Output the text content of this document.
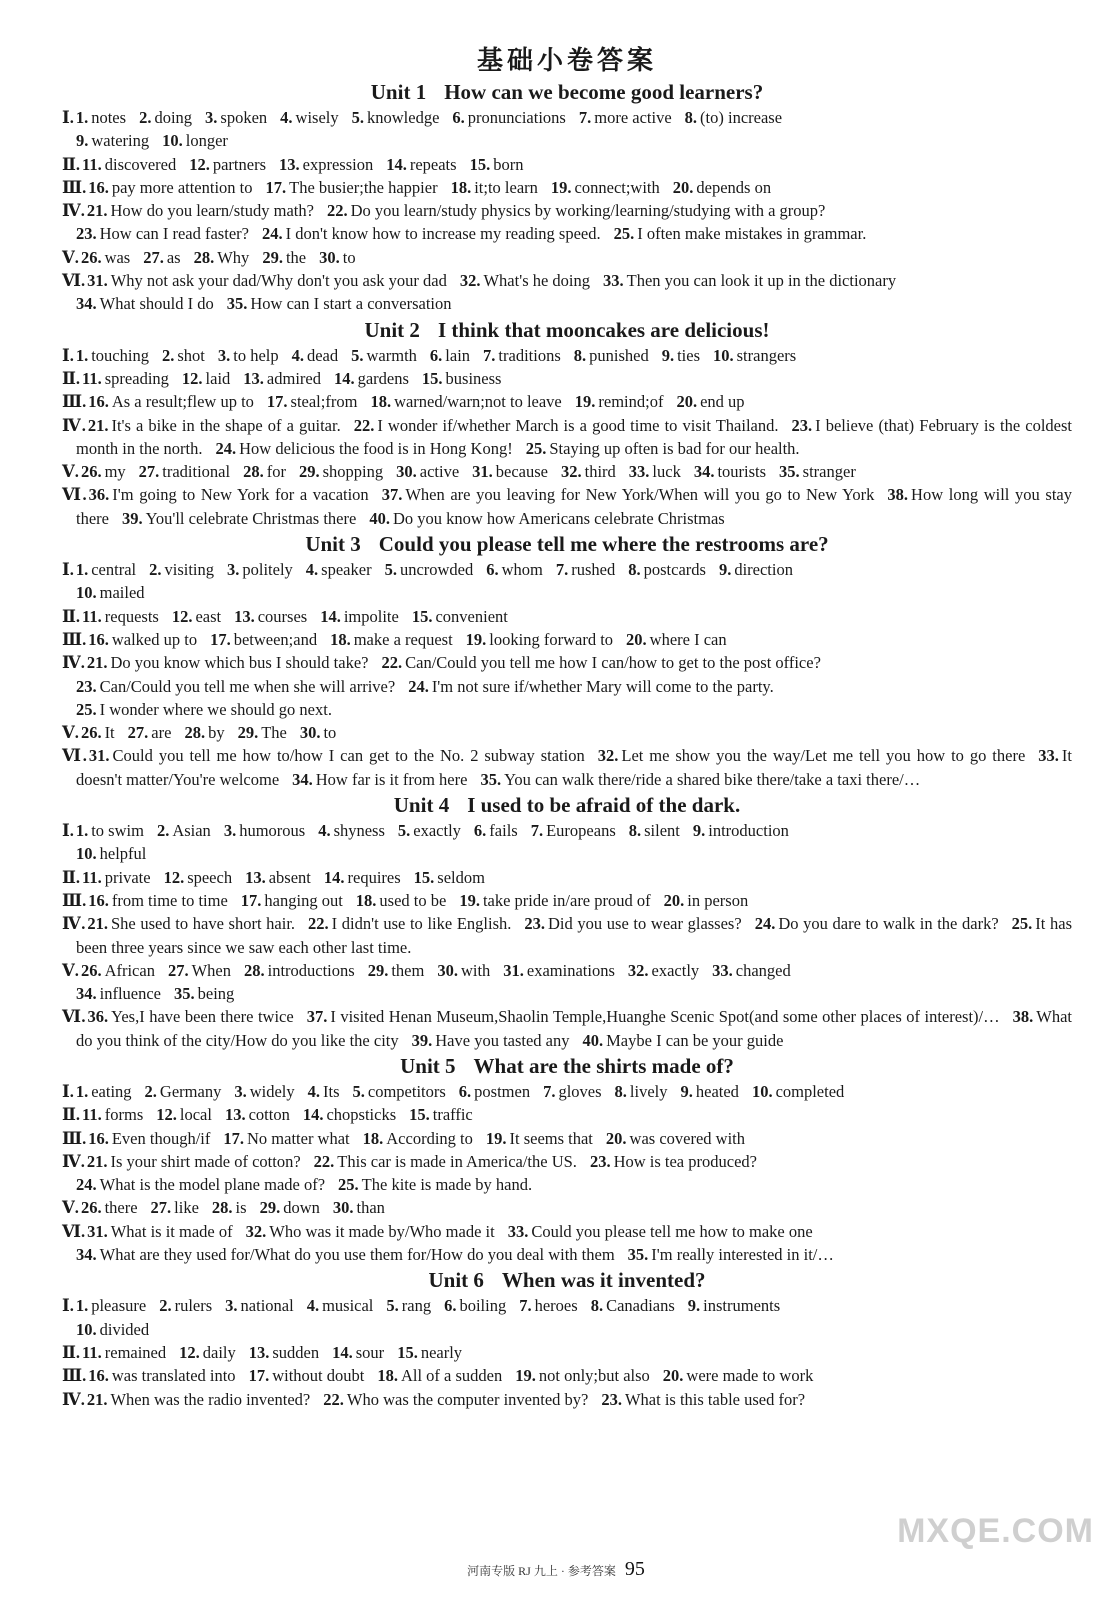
基础小卷答案
Unit 1 How can we become good learners?
Ⅰ. 1. notes 2. doing 3. spoken 4. wisely 5. knowledge 6. pronunciations 7. more active 8. (to) increase
9. watering 10. longer
Ⅱ. 11. discovered 12. partners 13. expression 14. repeats 15. born
Ⅲ. 16. pay more attention to 17. The busier;the happier 18. it;to learn 19. connect;with 20. depends on
Ⅳ. 21. How do you learn/study math? 22. Do you learn/study physics by working/learning/studying with a group?
23. How can I read faster? 24. I don't know how to increase my reading speed. 25. I often make mistakes in grammar.
Ⅴ. 26. was 27. as 28. Why 29. the 30. to
Ⅵ. 31. Why not ask your dad/Why don't you ask your dad 32. What's he doing 33. Then you can look it up in the dictionary
34. What should I do 35. How can I start a conversation
Unit 2 I think that mooncakes are delicious!
Ⅰ. 1. touching 2. shot 3. to help 4. dead 5. warmth 6. lain 7. traditions 8. punished 9. ties 10. strangers
Ⅱ. 11. spreading 12. laid 13. admired 14. gardens 15. business
Ⅲ. 16. As a result;flew up to 17. steal;from 18. warned/warn;not to leave 19. remind;of 20. end up
Ⅳ. 21. It's a bike in the shape of a guitar. 22. I wonder if/whether March is a good time to visit Thailand. 23. I believe (that) February is the coldest month in the north. 24. How delicious the food is in Hong Kong! 25. Staying up often is bad for our health.
Ⅴ. 26. my 27. traditional 28. for 29. shopping 30. active 31. because 32. third 33. luck 34. tourists 35. stranger
Ⅵ. 36. I'm going to New York for a vacation 37. When are you leaving for New York/When will you go to New York 38. How long will you stay there 39. You'll celebrate Christmas there 40. Do you know how Americans celebrate Christmas
Unit 3 Could you please tell me where the restrooms are?
Ⅰ. 1. central 2. visiting 3. politely 4. speaker 5. uncrowded 6. whom 7. rushed 8. postcards 9. direction
10. mailed
Ⅱ. 11. requests 12. east 13. courses 14. impolite 15. convenient
Ⅲ. 16. walked up to 17. between;and 18. make a request 19. looking forward to 20. where I can
Ⅳ. 21. Do you know which bus I should take? 22. Can/Could you tell me how I can/how to get to the post office?
23. Can/Could you tell me when she will arrive? 24. I'm not sure if/whether Mary will come to the party.
25. I wonder where we should go next.
Ⅴ. 26. It 27. are 28. by 29. The 30. to
Ⅵ. 31. Could you tell me how to/how I can get to the No. 2 subway station 32. Let me show you the way/Let me tell you how to go there 33. It doesn't matter/You're welcome 34. How far is it from here 35. You can walk there/ride a shared bike there/take a taxi there/…
Unit 4 I used to be afraid of the dark.
Ⅰ. 1. to swim 2. Asian 3. humorous 4. shyness 5. exactly 6. fails 7. Europeans 8. silent 9. introduction
10. helpful
Ⅱ. 11. private 12. speech 13. absent 14. requires 15. seldom
Ⅲ. 16. from time to time 17. hanging out 18. used to be 19. take pride in/are proud of 20. in person
Ⅳ. 21. She used to have short hair. 22. I didn't use to like English. 23. Did you use to wear glasses? 24. Do you dare to walk in the dark? 25. It has been three years since we saw each other last time.
Ⅴ. 26. African 27. When 28. introductions 29. them 30. with 31. examinations 32. exactly 33. changed
34. influence 35. being
Ⅵ. 36. Yes,I have been there twice 37. I visited Henan Museum,Shaolin Temple,Huanghe Scenic Spot(and some other places of interest)/… 38. What do you think of the city/How do you like the city 39. Have you tasted any 40. Maybe I can be your guide
Unit 5 What are the shirts made of?
Ⅰ. 1. eating 2. Germany 3. widely 4. Its 5. competitors 6. postmen 7. gloves 8. lively 9. heated 10. completed
Ⅱ. 11. forms 12. local 13. cotton 14. chopsticks 15. traffic
Ⅲ. 16. Even though/if 17. No matter what 18. According to 19. It seems that 20. was covered with
Ⅳ. 21. Is your shirt made of cotton? 22. This car is made in America/the US. 23. How is tea produced?
24. What is the model plane made of? 25. The kite is made by hand.
Ⅴ. 26. there 27. like 28. is 29. down 30. than
Ⅵ. 31. What is it made of 32. Who was it made by/Who made it 33. Could you please tell me how to make one
34. What are they used for/What do you use them for/How do you deal with them 35. I'm really interested in it/…
Unit 6 When was it invented?
Ⅰ. 1. pleasure 2. rulers 3. national 4. musical 5. rang 6. boiling 7. heroes 8. Canadians 9. instruments
10. divided
Ⅱ. 11. remained 12. daily 13. sudden 14. sour 15. nearly
Ⅲ. 16. was translated into 17. without doubt 18. All of a sudden 19. not only;but also 20. were made to work
Ⅳ. 21. When was the radio invented? 22. Who was the computer invented by? 23. What is this table used for?
河南专版 RJ 九上 · 参考答案 95
MXQE.COM
